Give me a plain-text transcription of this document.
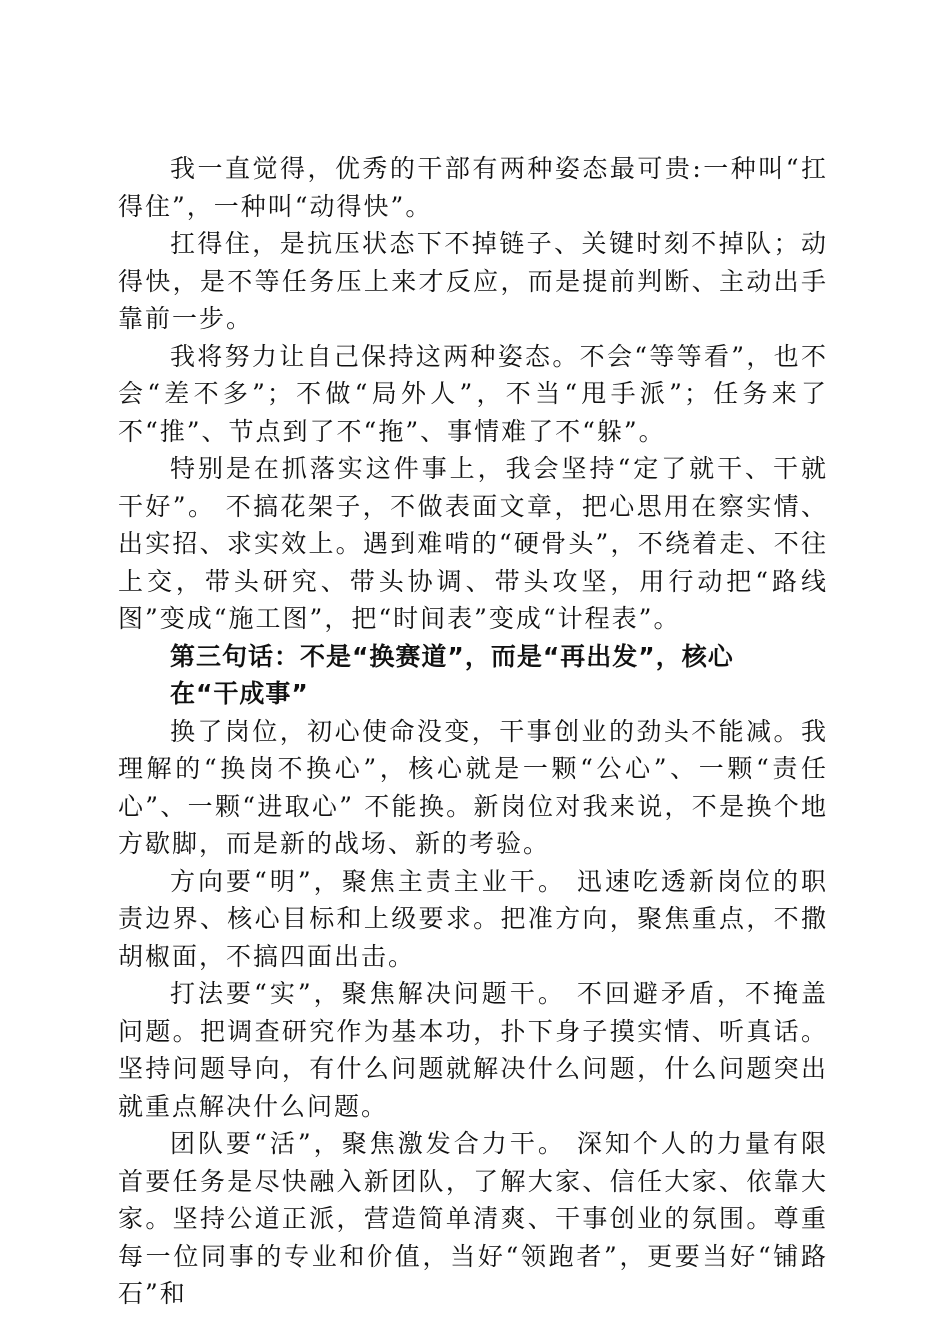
我一直觉得，优秀的干部有两种姿态最可贵:一种叫“扛得住”，一种叫“动得快”。

扛得住，是抗压状态下不掉链子、关键时刻不掉队；动得快，是不等任务压上来才反应，而是提前判断、主动出手靠前一步。

我将努力让自己保持这两种姿态。不会“等等看”，也不会“差不多”；不做“局外人”，不当“甩手派”；任务来了不“推”、节点到了不“拖”、事情难了不“躲”。

特别是在抓落实这件事上，我会坚持“定了就干、干就干好”。 不搞花架子，不做表面文章，把心思用在察实情、出实招、求实效上。遇到难啃的“硬骨头”，不绕着走、不往上交，带头研究、带头协调、带头攻坚，用行动把“路线图”变成“施工图”，把“时间表”变成“计程表”。

第三句话：不是“换赛道”，而是“再出发”，核心在“干成事”

换了岗位，初心使命没变，干事创业的劲头不能减。我理解的“换岗不换心”，核心就是一颗“公心”、一颗“责任心”、一颗“进取心” 不能换。新岗位对我来说，不是换个地方歇脚，而是新的战场、新的考验。

方向要“明”，聚焦主责主业干。 迅速吃透新岗位的职责边界、核心目标和上级要求。把准方向，聚焦重点，不撒胡椒面，不搞四面出击。

打法要“实”，聚焦解决问题干。 不回避矛盾，不掩盖问题。把调查研究作为基本功，扑下身子摸实情、听真话。坚持问题导向，有什么问题就解决什么问题，什么问题突出就重点解决什么问题。

团队要“活”，聚焦激发合力干。 深知个人的力量有限首要任务是尽快融入新团队，了解大家、信任大家、依靠大家。坚持公道正派，营造简单清爽、干事创业的氛围。尊重每一位同事的专业和价值，当好“领跑者”，更要当好“铺路石”和
